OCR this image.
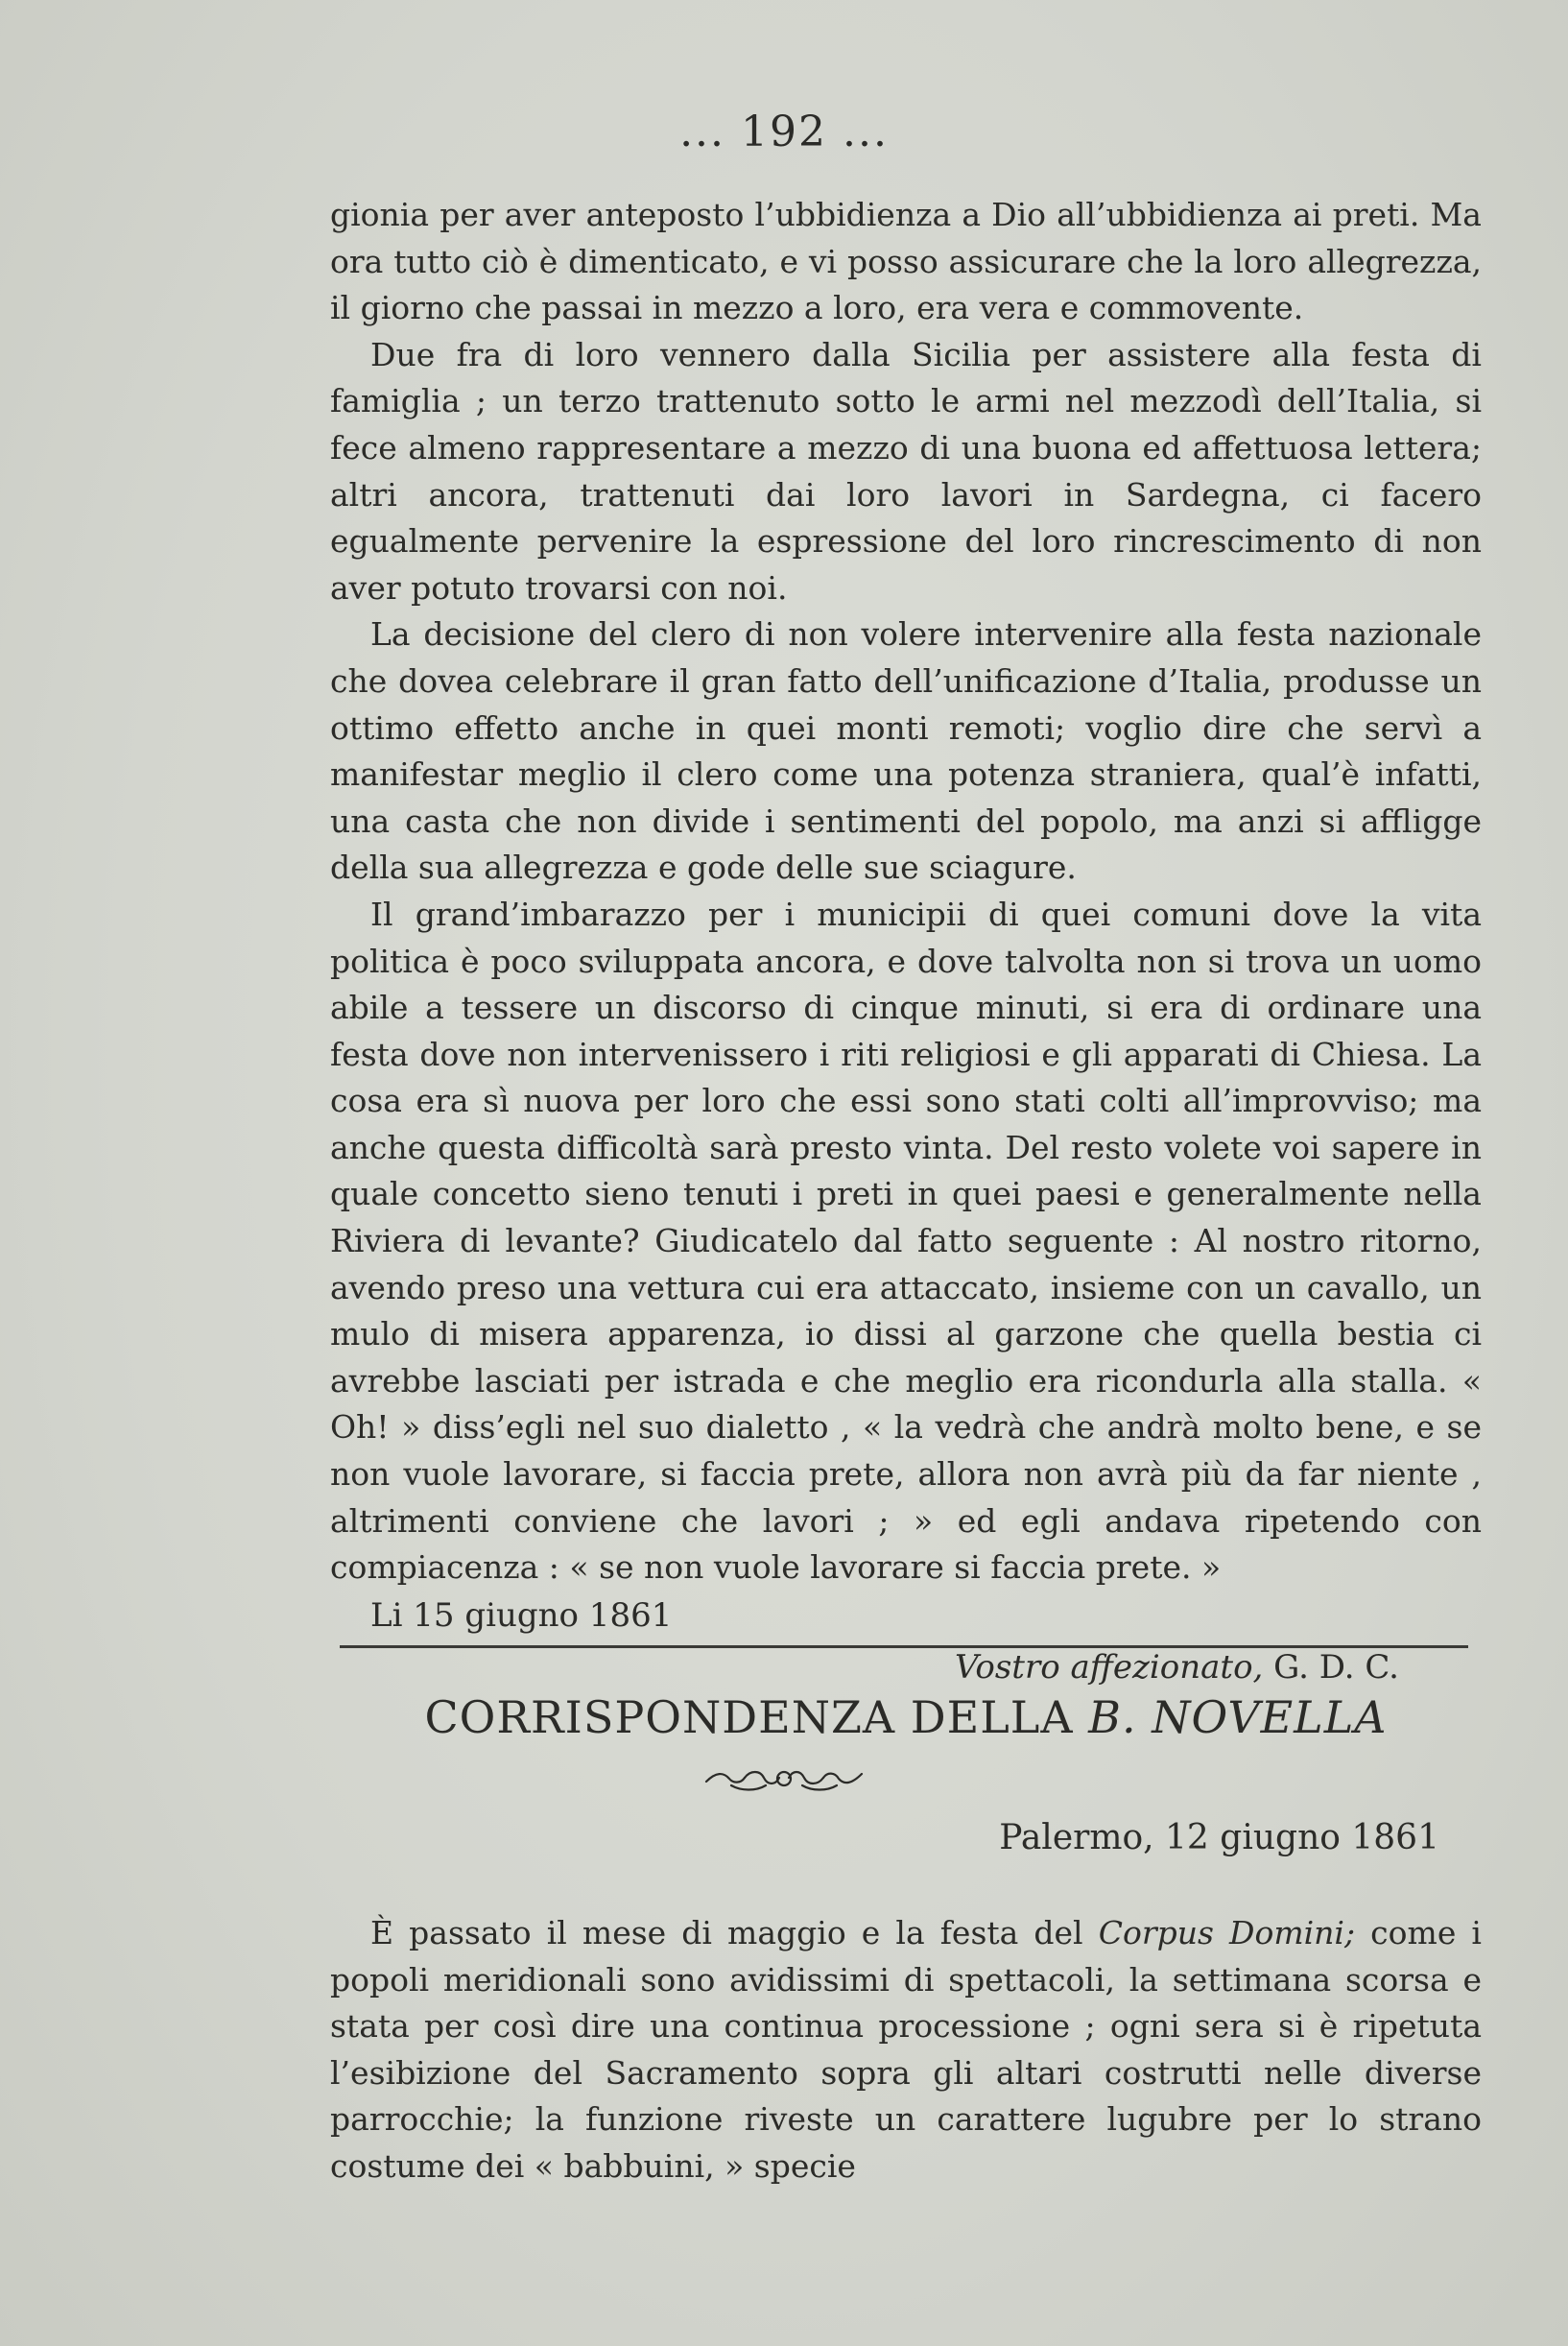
... 192 ...

gionia per aver anteposto l’ubbidienza a Dio all’ubbidienza ai preti. Ma ora tutto ciò è dimenticato, e vi posso assicurare che la loro allegrezza, il giorno che passai in mezzo a loro, era vera e commovente.

Due fra di loro vennero dalla Sicilia per assistere alla festa di famiglia ; un terzo trattenuto sotto le armi nel mezzodì dell’Italia, si fece almeno rappresentare a mezzo di una buona ed affettuosa lettera; altri ancora, trattenuti dai loro lavori in Sardegna, ci facero egualmente pervenire la espressione del loro rincrescimento di non aver potuto trovarsi con noi.

La decisione del clero di non volere intervenire alla festa nazionale che dovea celebrare il gran fatto dell’unificazione d’Italia, produsse un ottimo effetto anche in quei monti remoti; voglio dire che servì a manifestar meglio il clero come una potenza straniera, qual’è infatti, una casta che non divide i sentimenti del popolo, ma anzi si affligge della sua allegrezza e gode delle sue sciagure.

Il grand’imbarazzo per i municipii di quei comuni dove la vita politica è poco sviluppata ancora, e dove talvolta non si trova un uomo abile a tessere un discorso di cinque minuti, si era di ordinare una festa dove non intervenissero i riti religiosi e gli apparati di Chiesa. La cosa era sì nuova per loro che essi sono stati colti all’improvviso; ma anche questa difficoltà sarà presto vinta. Del resto volete voi sapere in quale concetto sieno tenuti i preti in quei paesi e generalmente nella Riviera di levante? Giudicatelo dal fatto seguente : Al nostro ritorno, avendo preso una vettura cui era attaccato, insieme con un cavallo, un mulo di misera apparenza, io dissi al garzone che quella bestia ci avrebbe lasciati per istrada e che meglio era ricondurla alla stalla. « Oh! » diss’egli nel suo dialetto , « la vedrà che andrà molto bene, e se non vuole lavorare, si faccia prete, allora non avrà più da far niente , altrimenti conviene che lavori ; » ed egli andava ripetendo con compiacenza : « se non vuole lavorare si faccia prete. »

Li 15 giugno 1861

Vostro affezionato, G. D. C.
CORRISPONDENZA DELLA B. NOVELLA
Palermo, 12 giugno 1861

È passato il mese di maggio e la festa del Corpus Domini; come i popoli meridionali sono avidissimi di spettacoli, la settimana scorsa e stata per così dire una continua processione ; ogni sera si è ripetuta l’esibizione del Sacramento sopra gli altari costrutti nelle diverse parrocchie; la funzione riveste un carattere lugubre per lo strano costume dei « babbuini, » specie
